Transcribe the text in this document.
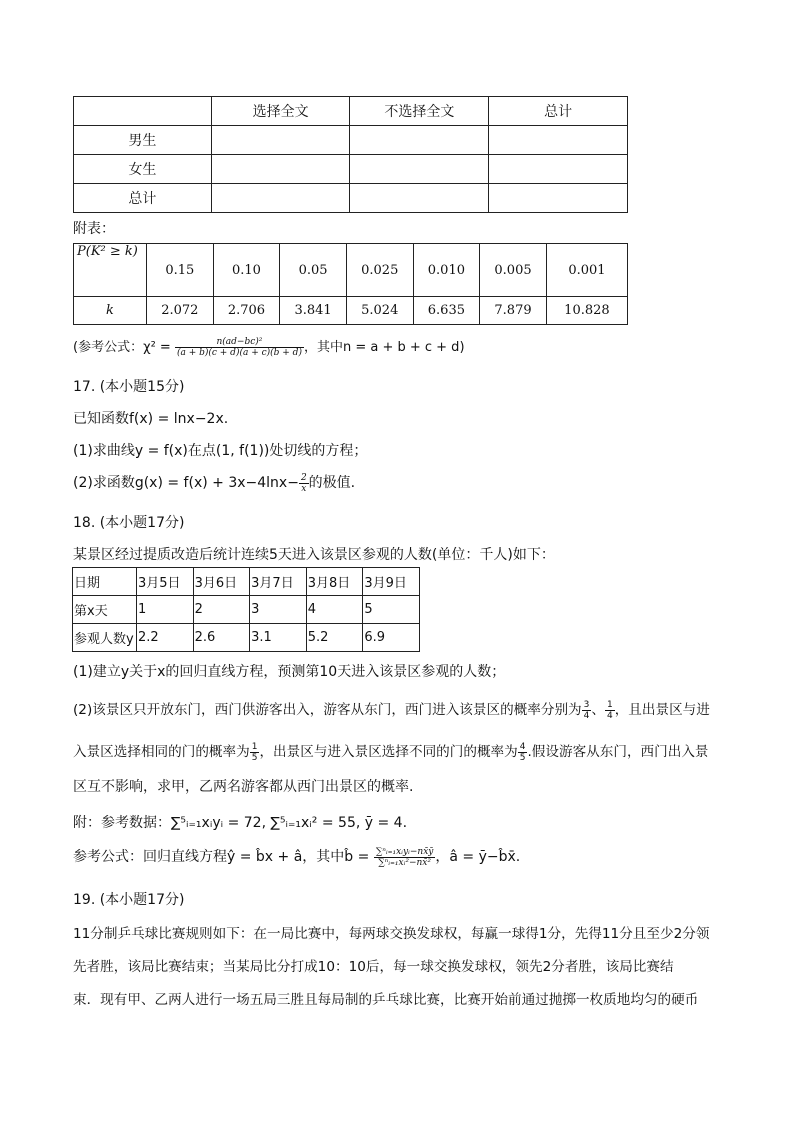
	选择全文	不选择全文	总计
男生			
女生			
总计			
附表：
P(K² ≥ k)	0.15	0.10	0.05	0.025	0.010	0.005	0.001
k	2.072	2.706	3.841	5.024	6.635	7.879	10.828
(参考公式：$\chi^2 = \frac{\text{n(ad−bc)²}}{(a + b)(c + d)(a + c)(b + d)}$ ，其中n = a + b + c + d)
17. (本小题15分)
已知函数f(x) = lnx−2x.
(1)求曲线y = f(x)在点(1, f(1))处切线的方程；
(2)求函数$g(x) = f(x) + 3x-4\ln x- \frac{2}{x}$ 的极值.
18. (本小题17分)
某景区经过提质改造后统计连续5天进入该景区参观的人数(单位：千人)如下：
日期	3月5日	3月6日	3月7日	3月8日	3月9日
第x天	1	2	3	4	5
参观人数y	2.2	2.6	3.1	5.2	6.9
(1)建立y关于x的回归直线方程，预测第10天进入该景区参观的人数；
(2)该景区只开放东门，西门供游客出入，游客从东门，西门进入该景区的概率分别为 $\frac{3}{4}$ 、 $\frac{1}{4}$ ，且出景区与进
入景区选择相同的门的概率为 $\frac{1}{5}$ ，出景区与进入景区选择不同的门的概率为 $\frac{4}{5}$ .假设游客从东门，西门出入景
区互不影响，求甲，乙两名游客都从西门出景区的概率.
附：参考数据：∑⁵ᵢ₌₁xᵢyᵢ = 72, ∑⁵ᵢ₌₁xᵢ² = 55, ȳ = 4.
参考公式：回归直线方程ŷ = b̂x + â，其中b̂ = $\frac{\text{∑ⁿᵢ₌₁xᵢyᵢ−nx̄ȳ}}{\text{∑ⁿᵢ₌₁xᵢ²−nx̄²}}$ ，â = ȳ−b̂x̄.
19. (本小题17分)
11分制乒乓球比赛规则如下：在一局比赛中，每两球交换发球权，每赢一球得1分，先得11分且至少2分领
先者胜，该局比赛结束；当某局比分打成10：10后，每一球交换发球权，领先2分者胜，该局比赛结
束．现有甲、乙两人进行一场五局三胜且每局制的乒乓球比赛，比赛开始前通过抛掷一枚质地均匀的硬币
